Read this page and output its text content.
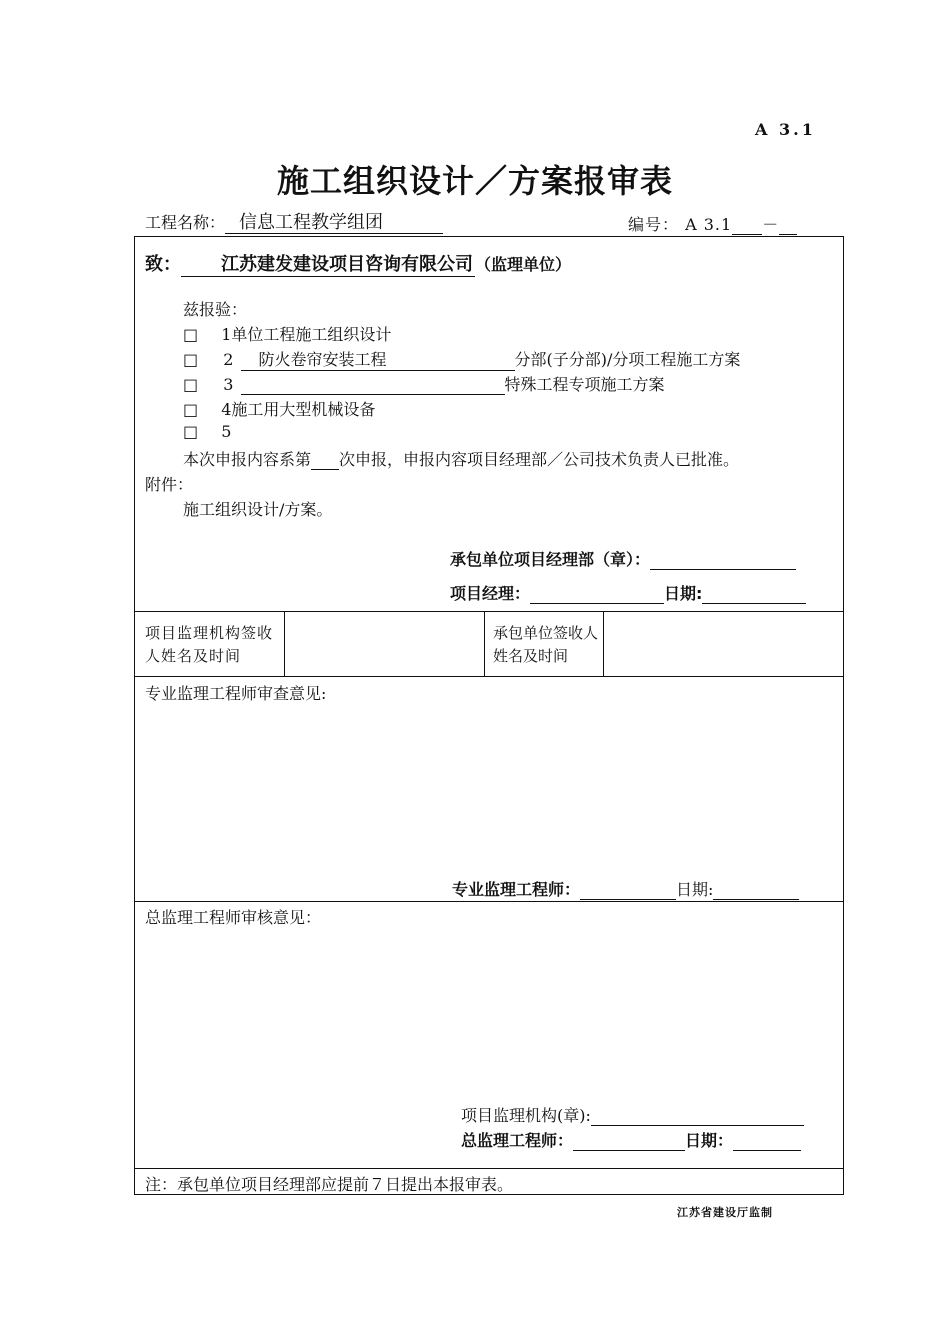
A 3.1
施工组织设计／方案报审表
工程名称： 信息工程教学组团	编号： A 3.1 －
致： 江苏建发建设项目咨询有限公司 （监理单位）
兹报验：
□ 1单位工程施工组织设计
□ 2 防火卷帘安装工程	分部(子分部)/分项工程施工方案
□ 3	特殊工程专项施工方案
□ 4施工用大型机械设备
□ 5
本次申报内容系第 次申报，申报内容项目经理部／公司技术负责人已批准。
附件：
施工组织设计/方案。
承包单位项目经理部（章）：
项目经理：	日期:
项目监理机构签收人姓名及时间
承包单位签收人姓名及时间
专业监理工程师审查意见:
专业监理工程师：	日期:
总监理工程师审核意见：
项目监理机构(章):
总监理工程师：	日期：
注：承包单位项目经理部应提前７日提出本报审表。
江苏省建设厅监制
